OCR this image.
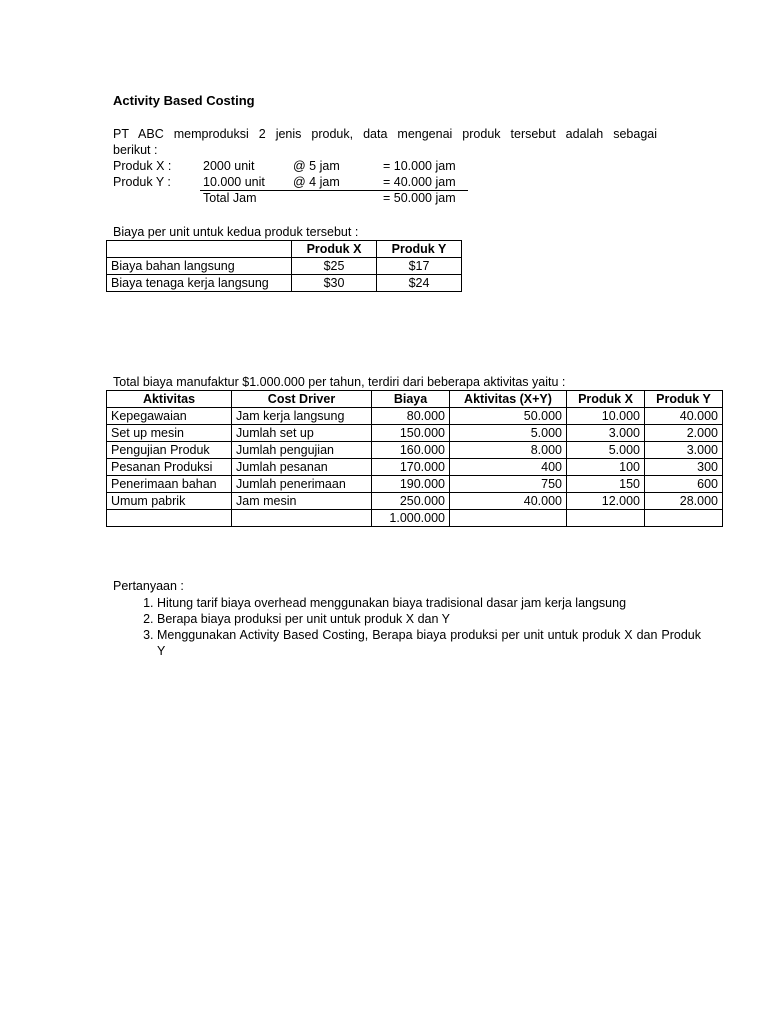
Activity Based Costing
PT ABC memproduksi 2 jenis produk, data mengenai produk tersebut adalah sebagai
berikut :
Produk X :	2000 unit	@ 5 jam	= 10.000 jam
Produk Y :	10.000 unit @ 4 jam	= 40.000 jam
Total Jam	= 50.000 jam
Biaya per unit untuk kedua produk tersebut :
	Produk X	Produk Y
Biaya bahan langsung	$25	$17
Biaya tenaga kerja langsung	$30	$24
Total biaya manufaktur $1.000.000 per tahun, terdiri dari beberapa aktivitas yaitu :
Aktivitas	Cost Driver	Biaya	Aktivitas (X+Y)	Produk X	Produk Y
Kepegawaian	Jam kerja langsung	80.000	50.000	10.000	40.000
Set up mesin	Jumlah set up	150.000	5.000	3.000	2.000
Pengujian Produk	Jumlah pengujian	160.000	8.000	5.000	3.000
Pesanan Produksi	Jumlah pesanan	170.000	400	100	300
Penerimaan bahan	Jumlah penerimaan	190.000	750	150	600
Umum pabrik	Jam mesin	250.000	40.000	12.000	28.000
		1.000.000			
Pertanyaan :
1. Hitung tarif biaya overhead menggunakan biaya tradisional dasar jam kerja langsung
2. Berapa biaya produksi per unit untuk produk X dan Y
3. Menggunakan Activity Based Costing, Berapa biaya produksi per unit untuk produk X dan Produk Y
